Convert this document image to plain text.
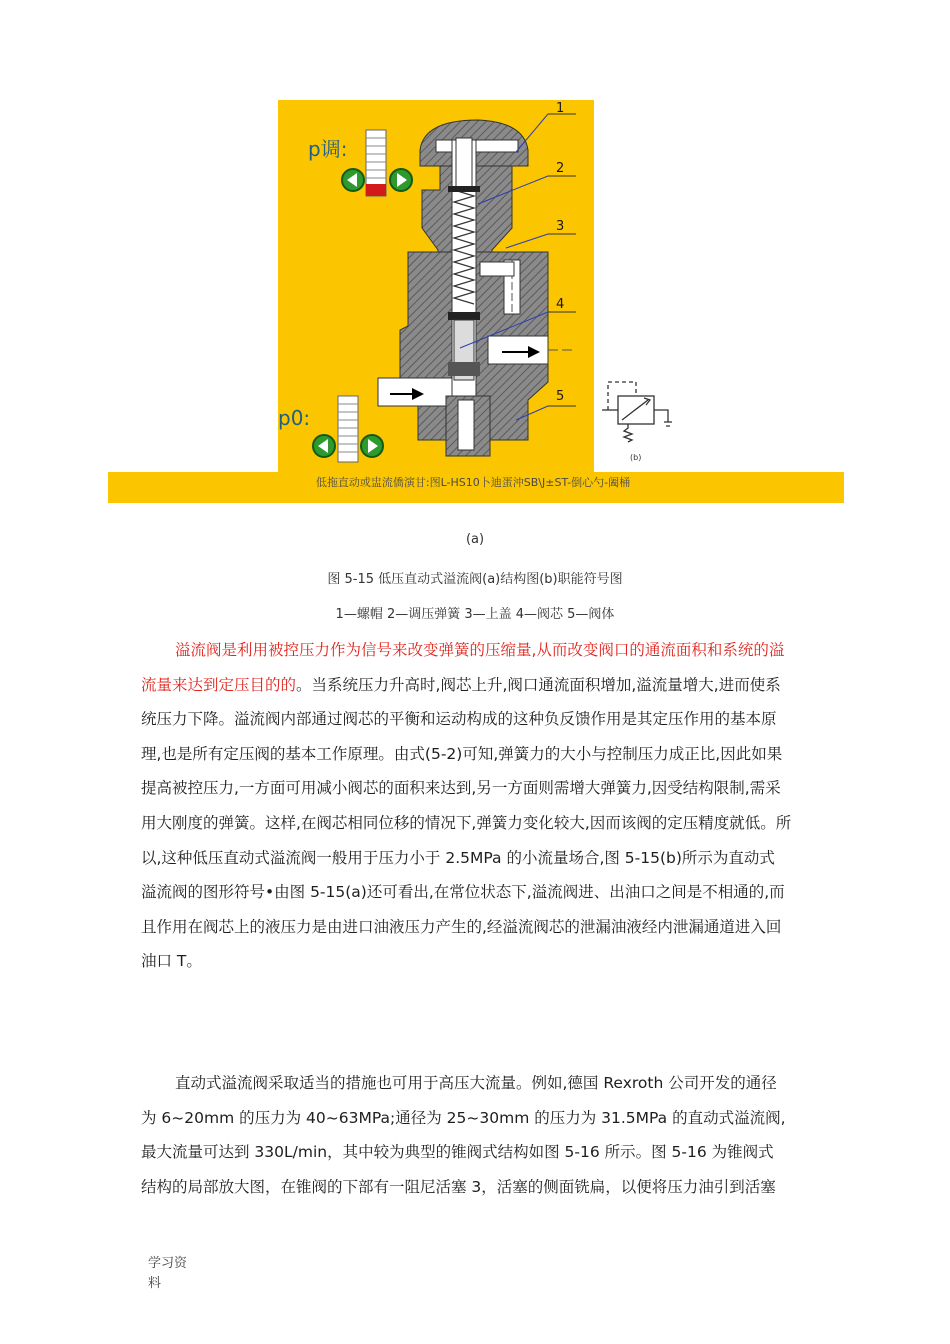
p调:
p0:
1
2
3
4
5
(b)
低拖直动或盅流僑演甘:图L-HS10卜迪蛋沖SB\J±ST-倒心勺-阖桶
(a)
图 5-15 低压直动式溢流阀(a)结构图(b)职能符号图
1—螺帽 2—调压弹簧 3—上盖 4—阀芯 5—阀体
溢流阀是利用被控压力作为信号来改变弹簧的压缩量,从而改变阀口的通流面积和系统的溢
流量来达到定压目的的。当系统压力升高时,阀芯上升,阀口通流面积增加,溢流量增大,进而使系
统压力下降。溢流阀内部通过阀芯的平衡和运动构成的这种负反馈作用是其定压作用的基本原
理,也是所有定压阀的基本工作原理。由式(5-2)可知,弹簧力的大小与控制压力成正比,因此如果
提高被控压力,一方面可用减小阀芯的面积来达到,另一方面则需增大弹簧力,因受结构限制,需采
用大刚度的弹簧。这样,在阀芯相同位移的情况下,弹簧力变化较大,因而该阀的定压精度就低。所
以,这种低压直动式溢流阀一般用于压力小于 2.5MPa 的小流量场合,图 5-15(b)所示为直动式
溢流阀的图形符号•由图 5-15(a)还可看出,在常位状态下,溢流阀进、出油口之间是不相通的,而
且作用在阀芯上的液压力是由进口油液压力产生的,经溢流阀芯的泄漏油液经内泄漏通道进入回
油口 T。
直动式溢流阀采取适当的措施也可用于高压大流量。例如,德国 Rexroth 公司开发的通径
为 6~20mm 的压力为 40~63MPa;通径为 25~30mm 的压力为 31.5MPa 的直动式溢流阀,
最大流量可达到 330L/min，其中较为典型的锥阀式结构如图 5-16 所示。图 5-16 为锥阀式
结构的局部放大图，在锥阀的下部有一阻尼活塞 3，活塞的侧面铣扁，以便将压力油引到活塞
学习资
料
